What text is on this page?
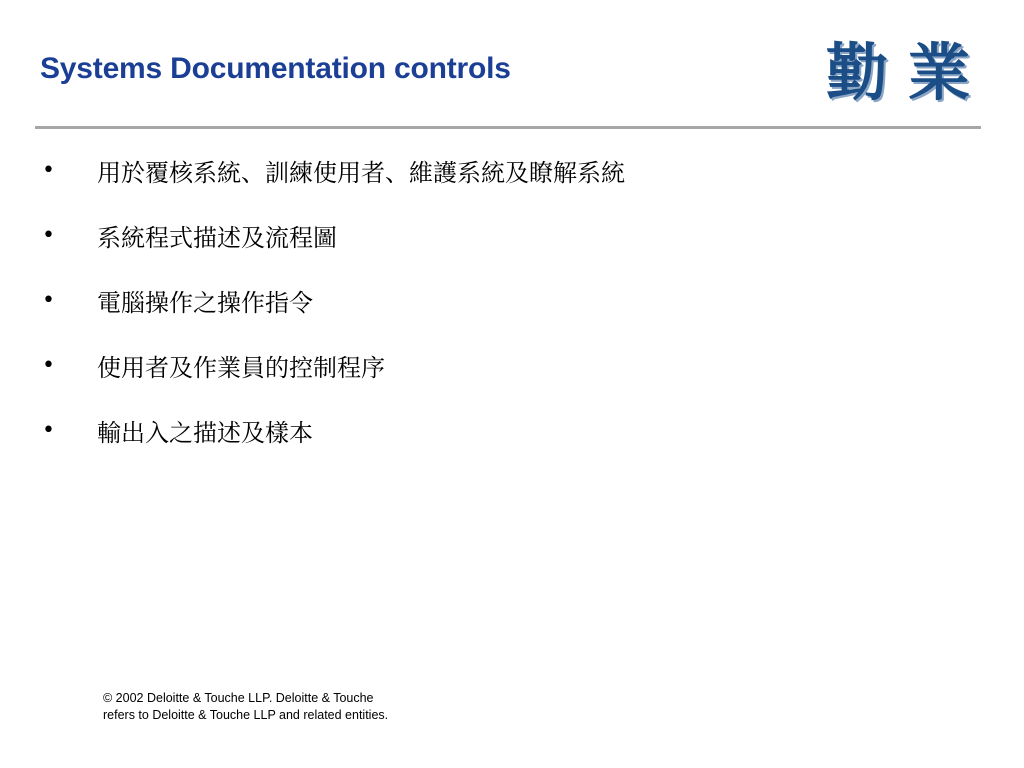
Systems Documentation controls	勤 業
•	用於覆核系統、訓練使用者、維護系統及瞭解系統
•	系統程式描述及流程圖
•	電腦操作之操作指令
•	使用者及作業員的控制程序
•	輸出入之描述及樣本
© 2002 Deloitte & Touche LLP. Deloitte & Touche
refers to Deloitte & Touche LLP and related entities.
